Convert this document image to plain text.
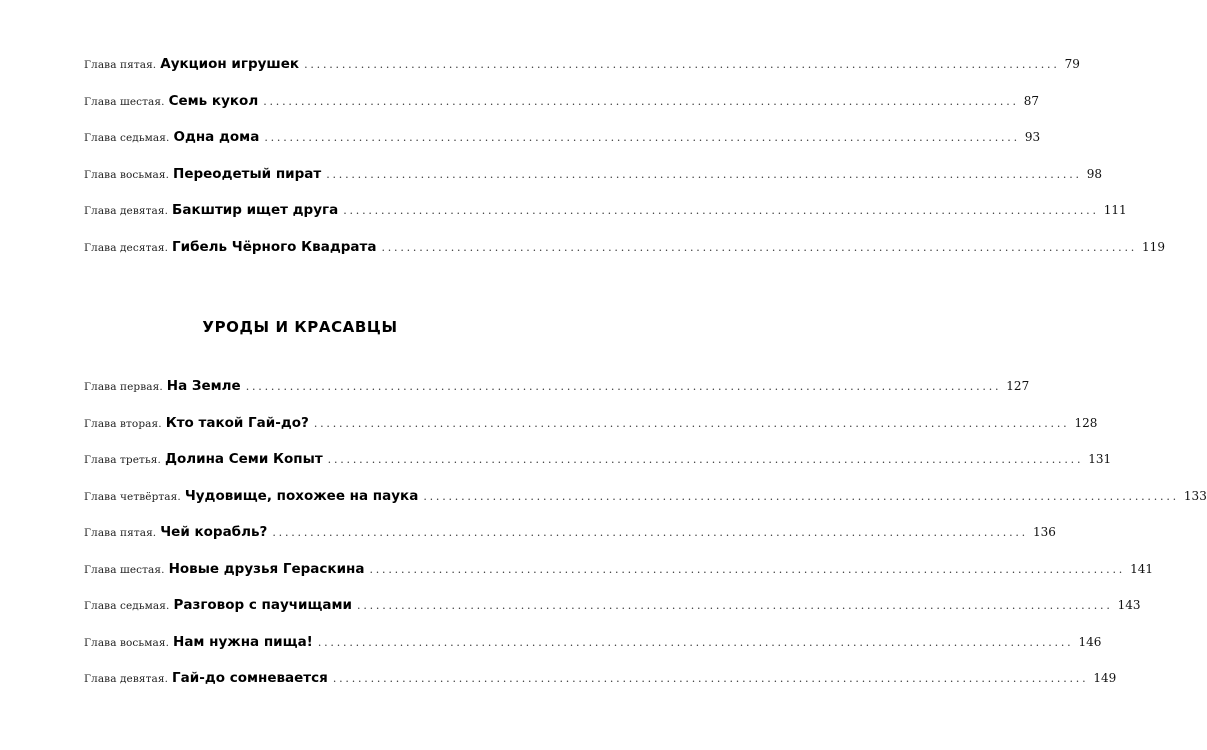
Глава пятая. Аукцион игрушек ........................................................................................................................ 79
Глава шестая. Семь кукол ........................................................................................................................ 87
Глава седьмая. Одна дома ........................................................................................................................ 93
Глава восьмая. Переодетый пират ........................................................................................................................ 98
Глава девятая. Бакштир ищет друга ........................................................................................................................ 111
Глава десятая. Гибель Чёрного Квадрата ........................................................................................................................ 119
УРОДЫ И КРАСАВЦЫ
Глава первая. На Земле ........................................................................................................................ 127
Глава вторая. Кто такой Гай-до? ........................................................................................................................ 128
Глава третья. Долина Семи Копыт ........................................................................................................................ 131
Глава четвёртая. Чудовище, похожее на паука ........................................................................................................................ 133
Глава пятая. Чей корабль? ........................................................................................................................ 136
Глава шестая. Новые друзья Гераскина ........................................................................................................................ 141
Глава седьмая. Разговор с паучищами ........................................................................................................................ 143
Глава восьмая. Нам нужна пища! ........................................................................................................................ 146
Глава девятая. Гай-до сомневается ........................................................................................................................ 149
